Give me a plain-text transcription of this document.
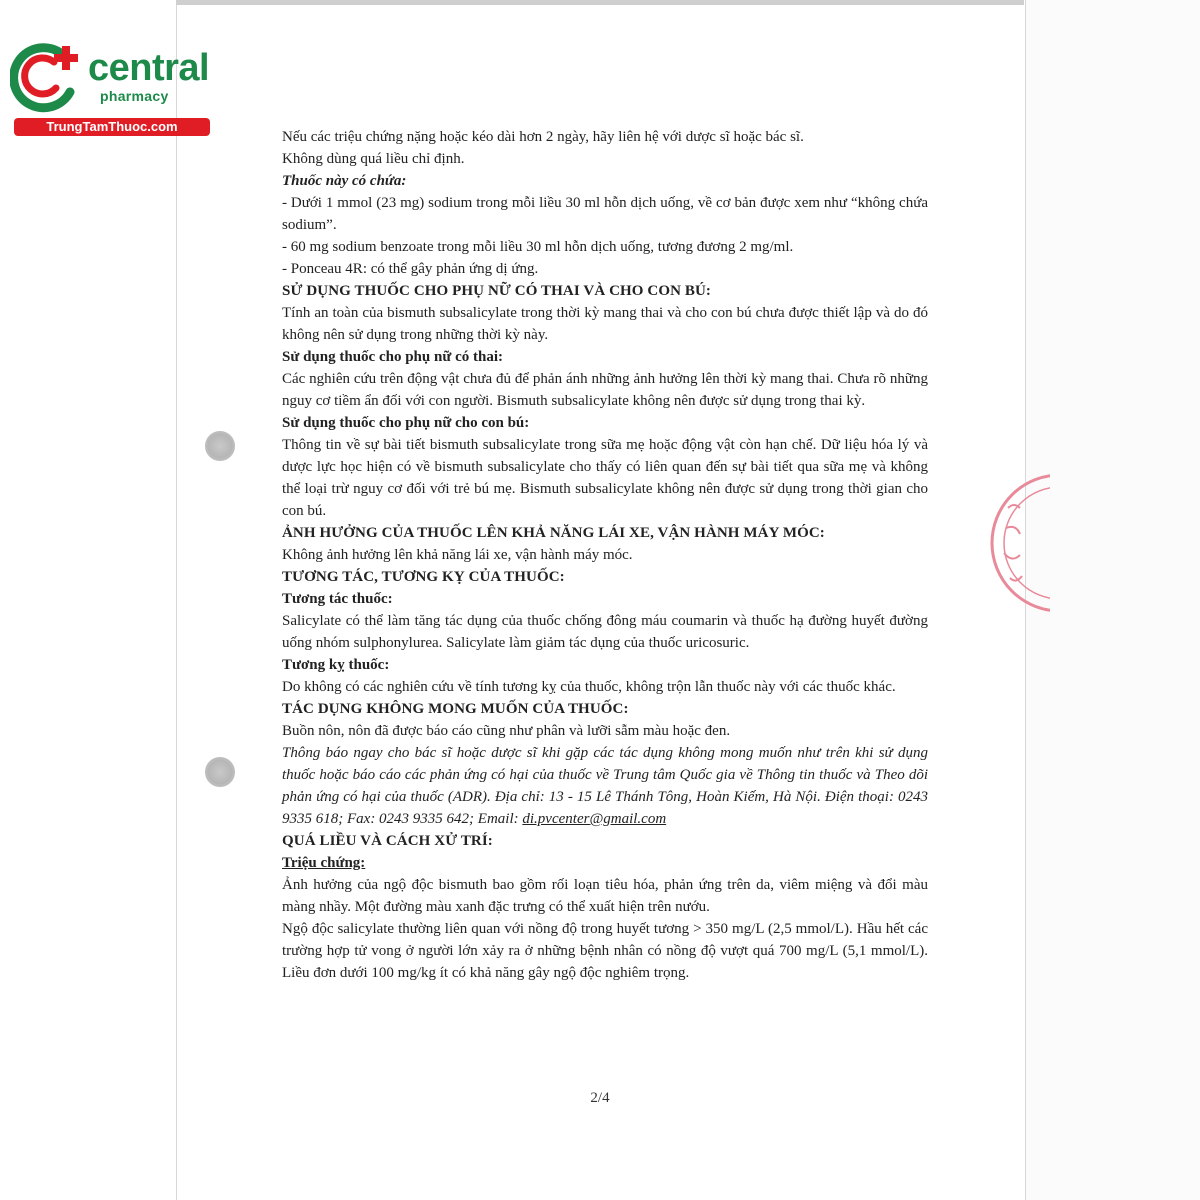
central
pharmacy
TrungTamThuoc.com

Nếu các triệu chứng nặng hoặc kéo dài hơn 2 ngày, hãy liên hệ với dược sĩ hoặc bác sĩ.

Không dùng quá liều chỉ định.

Thuốc này có chứa:

- Dưới 1 mmol (23 mg) sodium trong mỗi liều 30 ml hỗn dịch uống, về cơ bản được xem như “không chứa sodium”.

- 60 mg sodium benzoate trong mỗi liều 30 ml hỗn dịch uống, tương đương 2 mg/ml.

- Ponceau 4R: có thể gây phản ứng dị ứng.

SỬ DỤNG THUỐC CHO PHỤ NỮ CÓ THAI VÀ CHO CON BÚ:

Tính an toàn của bismuth subsalicylate trong thời kỳ mang thai và cho con bú chưa được thiết lập và do đó không nên sử dụng trong những thời kỳ này.

Sử dụng thuốc cho phụ nữ có thai:

Các nghiên cứu trên động vật chưa đủ để phản ánh những ảnh hưởng lên thời kỳ mang thai. Chưa rõ những nguy cơ tiềm ẩn đối với con người. Bismuth subsalicylate không nên được sử dụng trong thai kỳ.

Sử dụng thuốc cho phụ nữ cho con bú:

Thông tin về sự bài tiết bismuth subsalicylate trong sữa mẹ hoặc động vật còn hạn chế. Dữ liệu hóa lý và dược lực học hiện có về bismuth subsalicylate cho thấy có liên quan đến sự bài tiết qua sữa mẹ và không thể loại trừ nguy cơ đối với trẻ bú mẹ. Bismuth subsalicylate không nên được sử dụng trong thời gian cho con bú.

ẢNH HƯỞNG CỦA THUỐC LÊN KHẢ NĂNG LÁI XE, VẬN HÀNH MÁY MÓC:

Không ảnh hưởng lên khả năng lái xe, vận hành máy móc.

TƯƠNG TÁC, TƯƠNG KỴ CỦA THUỐC:

Tương tác thuốc:

Salicylate có thể làm tăng tác dụng của thuốc chống đông máu coumarin và thuốc hạ đường huyết đường uống nhóm sulphonylurea. Salicylate làm giảm tác dụng của thuốc uricosuric.

Tương kỵ thuốc:

Do không có các nghiên cứu về tính tương kỵ của thuốc, không trộn lẫn thuốc này với các thuốc khác.

TÁC DỤNG KHÔNG MONG MUỐN CỦA THUỐC:

Buồn nôn, nôn đã được báo cáo cũng như phân và lưỡi sẫm màu hoặc đen.

Thông báo ngay cho bác sĩ hoặc dược sĩ khi gặp các tác dụng không mong muốn như trên khi sử dụng thuốc hoặc báo cáo các phản ứng có hại của thuốc về Trung tâm Quốc gia về Thông tin thuốc và Theo dõi phản ứng có hại của thuốc (ADR). Địa chỉ: 13 - 15 Lê Thánh Tông, Hoàn Kiếm, Hà Nội. Điện thoại: 0243 9335 618; Fax: 0243 9335 642; Email: di.pvcenter@gmail.com

QUÁ LIỀU VÀ CÁCH XỬ TRÍ:

Triệu chứng:

Ảnh hưởng của ngộ độc bismuth bao gồm rối loạn tiêu hóa, phản ứng trên da, viêm miệng và đổi màu màng nhầy. Một đường màu xanh đặc trưng có thể xuất hiện trên nướu.

Ngộ độc salicylate thường liên quan với nồng độ trong huyết tương > 350 mg/L (2,5 mmol/L). Hầu hết các trường hợp tử vong ở người lớn xảy ra ở những bệnh nhân có nồng độ vượt quá 700 mg/L (5,1 mmol/L). Liều đơn dưới 100 mg/kg ít có khả năng gây ngộ độc nghiêm trọng.

2/4
